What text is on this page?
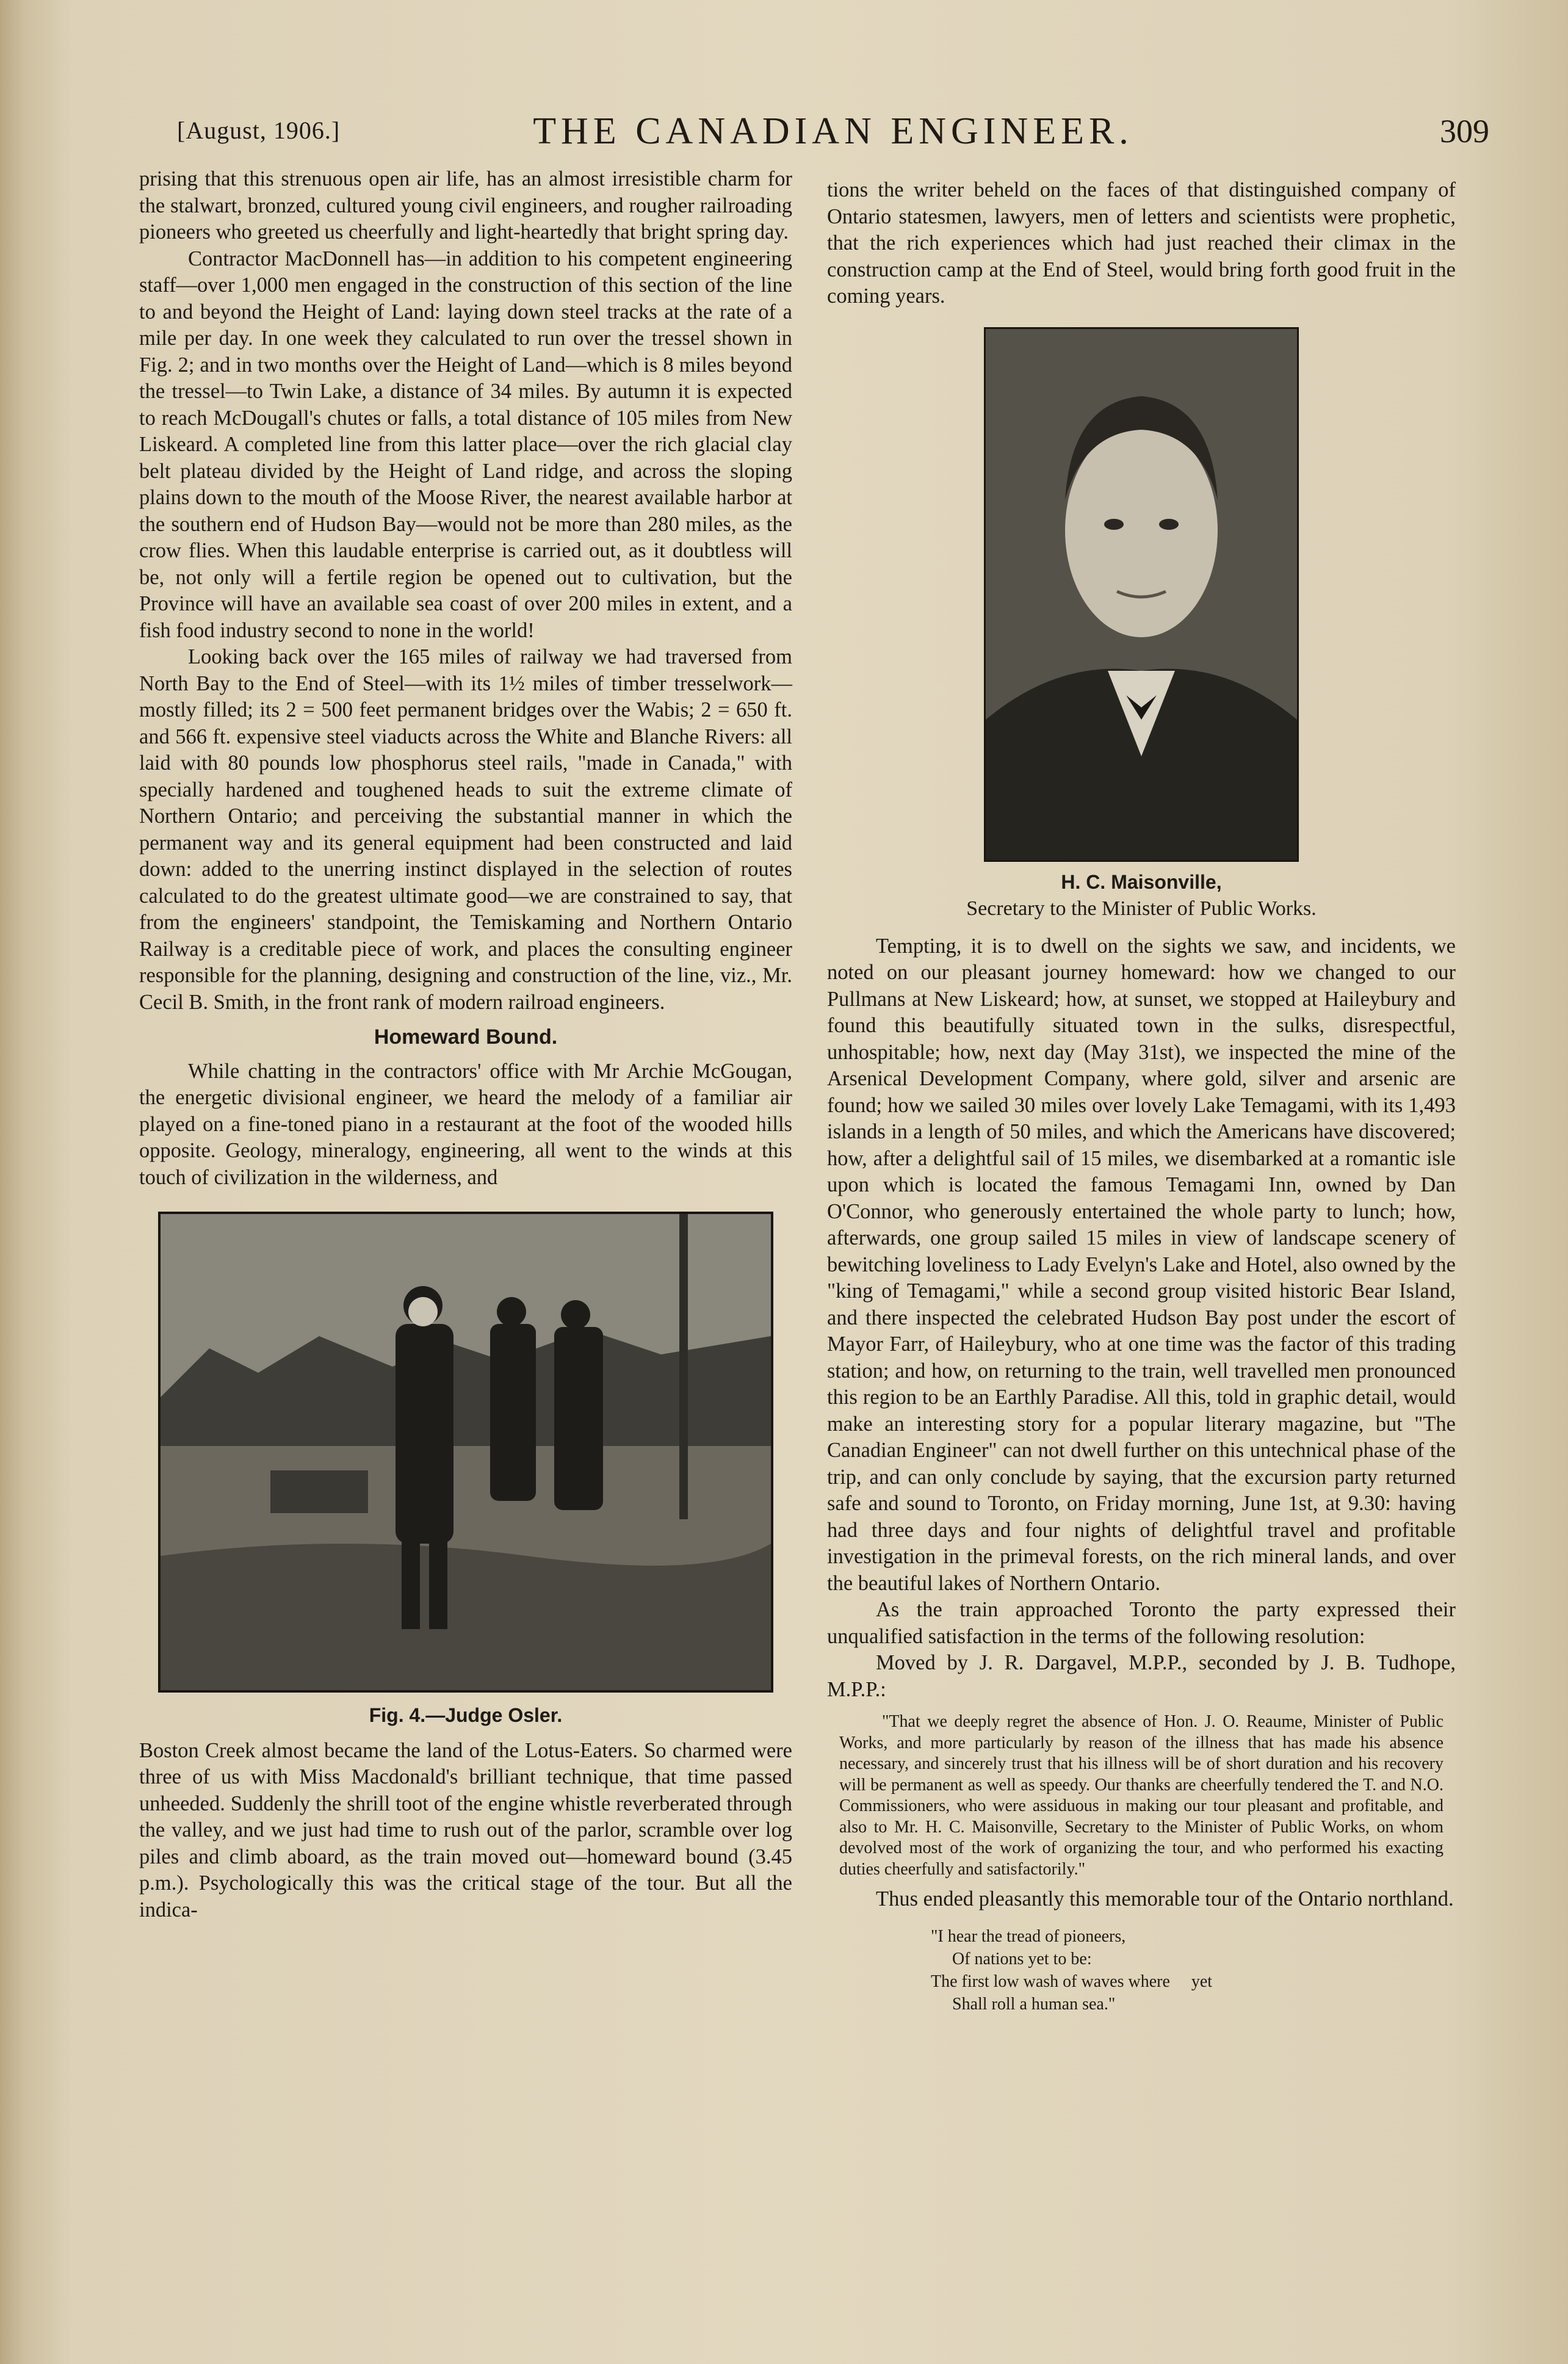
[August, 1906.]	THE CANADIAN ENGINEER.	309

prising that this strenuous open air life, has an almost irresistible charm for the stalwart, bronzed, cultured young civil engineers, and rougher railroading pioneers who greeted us cheerfully and light-heartedly that bright spring day.

Contractor MacDonnell has—in addition to his competent engineering staff—over 1,000 men engaged in the construction of this section of the line to and beyond the Height of Land: laying down steel tracks at the rate of a mile per day. In one week they calculated to run over the tressel shown in Fig. 2; and in two months over the Height of Land—which is 8 miles beyond the tressel—to Twin Lake, a distance of 34 miles. By autumn it is expected to reach McDougall's chutes or falls, a total distance of 105 miles from New Liskeard. A completed line from this latter place—over the rich glacial clay belt plateau divided by the Height of Land ridge, and across the sloping plains down to the mouth of the Moose River, the nearest available harbor at the southern end of Hudson Bay—would not be more than 280 miles, as the crow flies. When this laudable enterprise is carried out, as it doubtless will be, not only will a fertile region be opened out to cultivation, but the Province will have an available sea coast of over 200 miles in extent, and a fish food industry second to none in the world!

Looking back over the 165 miles of railway we had traversed from North Bay to the End of Steel—with its 1½ miles of timber tresselwork—mostly filled; its 2 = 500 feet permanent bridges over the Wabis; 2 = 650 ft. and 566 ft. expensive steel viaducts across the White and Blanche Rivers: all laid with 80 pounds low phosphorus steel rails, "made in Canada," with specially hardened and toughened heads to suit the extreme climate of Northern Ontario; and perceiving the substantial manner in which the permanent way and its general equipment had been constructed and laid down: added to the unerring instinct displayed in the selection of routes calculated to do the greatest ultimate good—we are constrained to say, that from the engineers' standpoint, the Temiskaming and Northern Ontario Railway is a creditable piece of work, and places the consulting engineer responsible for the planning, designing and construction of the line, viz., Mr. Cecil B. Smith, in the front rank of modern railroad engineers.

Homeward Bound.

While chatting in the contractors' office with Mr Archie McGougan, the energetic divisional engineer, we heard the melody of a familiar air played on a fine-toned piano in a restaurant at the foot of the wooded hills opposite. Geology, mineralogy, engineering, all went to the winds at this touch of civilization in the wilderness, and

Fig. 4.—Judge Osler.

Boston Creek almost became the land of the Lotus-Eaters. So charmed were three of us with Miss Macdonald's brilliant technique, that time passed unheeded. Suddenly the shrill toot of the engine whistle reverberated through the valley, and we just had time to rush out of the parlor, scramble over log piles and climb aboard, as the train moved out—homeward bound (3.45 p.m.). Psychologically this was the critical stage of the tour. But all the indica-

tions the writer beheld on the faces of that distinguished company of Ontario statesmen, lawyers, men of letters and scientists were prophetic, that the rich experiences which had just reached their climax in the construction camp at the End of Steel, would bring forth good fruit in the coming years.

H. C. Maisonville,
Secretary to the Minister of Public Works.

Tempting, it is to dwell on the sights we saw, and incidents, we noted on our pleasant journey homeward: how we changed to our Pullmans at New Liskeard; how, at sunset, we stopped at Haileybury and found this beautifully situated town in the sulks, disrespectful, unhospitable; how, next day (May 31st), we inspected the mine of the Arsenical Development Company, where gold, silver and arsenic are found; how we sailed 30 miles over lovely Lake Temagami, with its 1,493 islands in a length of 50 miles, and which the Americans have discovered; how, after a delightful sail of 15 miles, we disembarked at a romantic isle upon which is located the famous Temagami Inn, owned by Dan O'Connor, who generously entertained the whole party to lunch; how, afterwards, one group sailed 15 miles in view of landscape scenery of bewitching loveliness to Lady Evelyn's Lake and Hotel, also owned by the "king of Temagami," while a second group visited historic Bear Island, and there inspected the celebrated Hudson Bay post under the escort of Mayor Farr, of Haileybury, who at one time was the factor of this trading station; and how, on returning to the train, well travelled men pronounced this region to be an Earthly Paradise. All this, told in graphic detail, would make an interesting story for a popular literary magazine, but "The Canadian Engineer" can not dwell further on this untechnical phase of the trip, and can only conclude by saying, that the excursion party returned safe and sound to Toronto, on Friday morning, June 1st, at 9.30: having had three days and four nights of delightful travel and profitable investigation in the primeval forests, on the rich mineral lands, and over the beautiful lakes of Northern Ontario.

As the train approached Toronto the party expressed their unqualified satisfaction in the terms of the following resolution:

Moved by J. R. Dargavel, M.P.P., seconded by J. B. Tudhope, M.P.P.:

"That we deeply regret the absence of Hon. J. O. Reaume, Minister of Public Works, and more particularly by reason of the illness that has made his absence necessary, and sincerely trust that his illness will be of short duration and his recovery will be permanent as well as speedy. Our thanks are cheerfully tendered the T. and N.O. Commissioners, who were assiduous in making our tour pleasant and profitable, and also to Mr. H. C. Maisonville, Secretary to the Minister of Public Works, on whom devolved most of the work of organizing the tour, and who performed his exacting duties cheerfully and satisfactorily."

Thus ended pleasantly this memorable tour of the Ontario northland.

"I hear the tread of pioneers,
Of nations yet to be:
The first low wash of waves where     yet
Shall roll a human sea."
